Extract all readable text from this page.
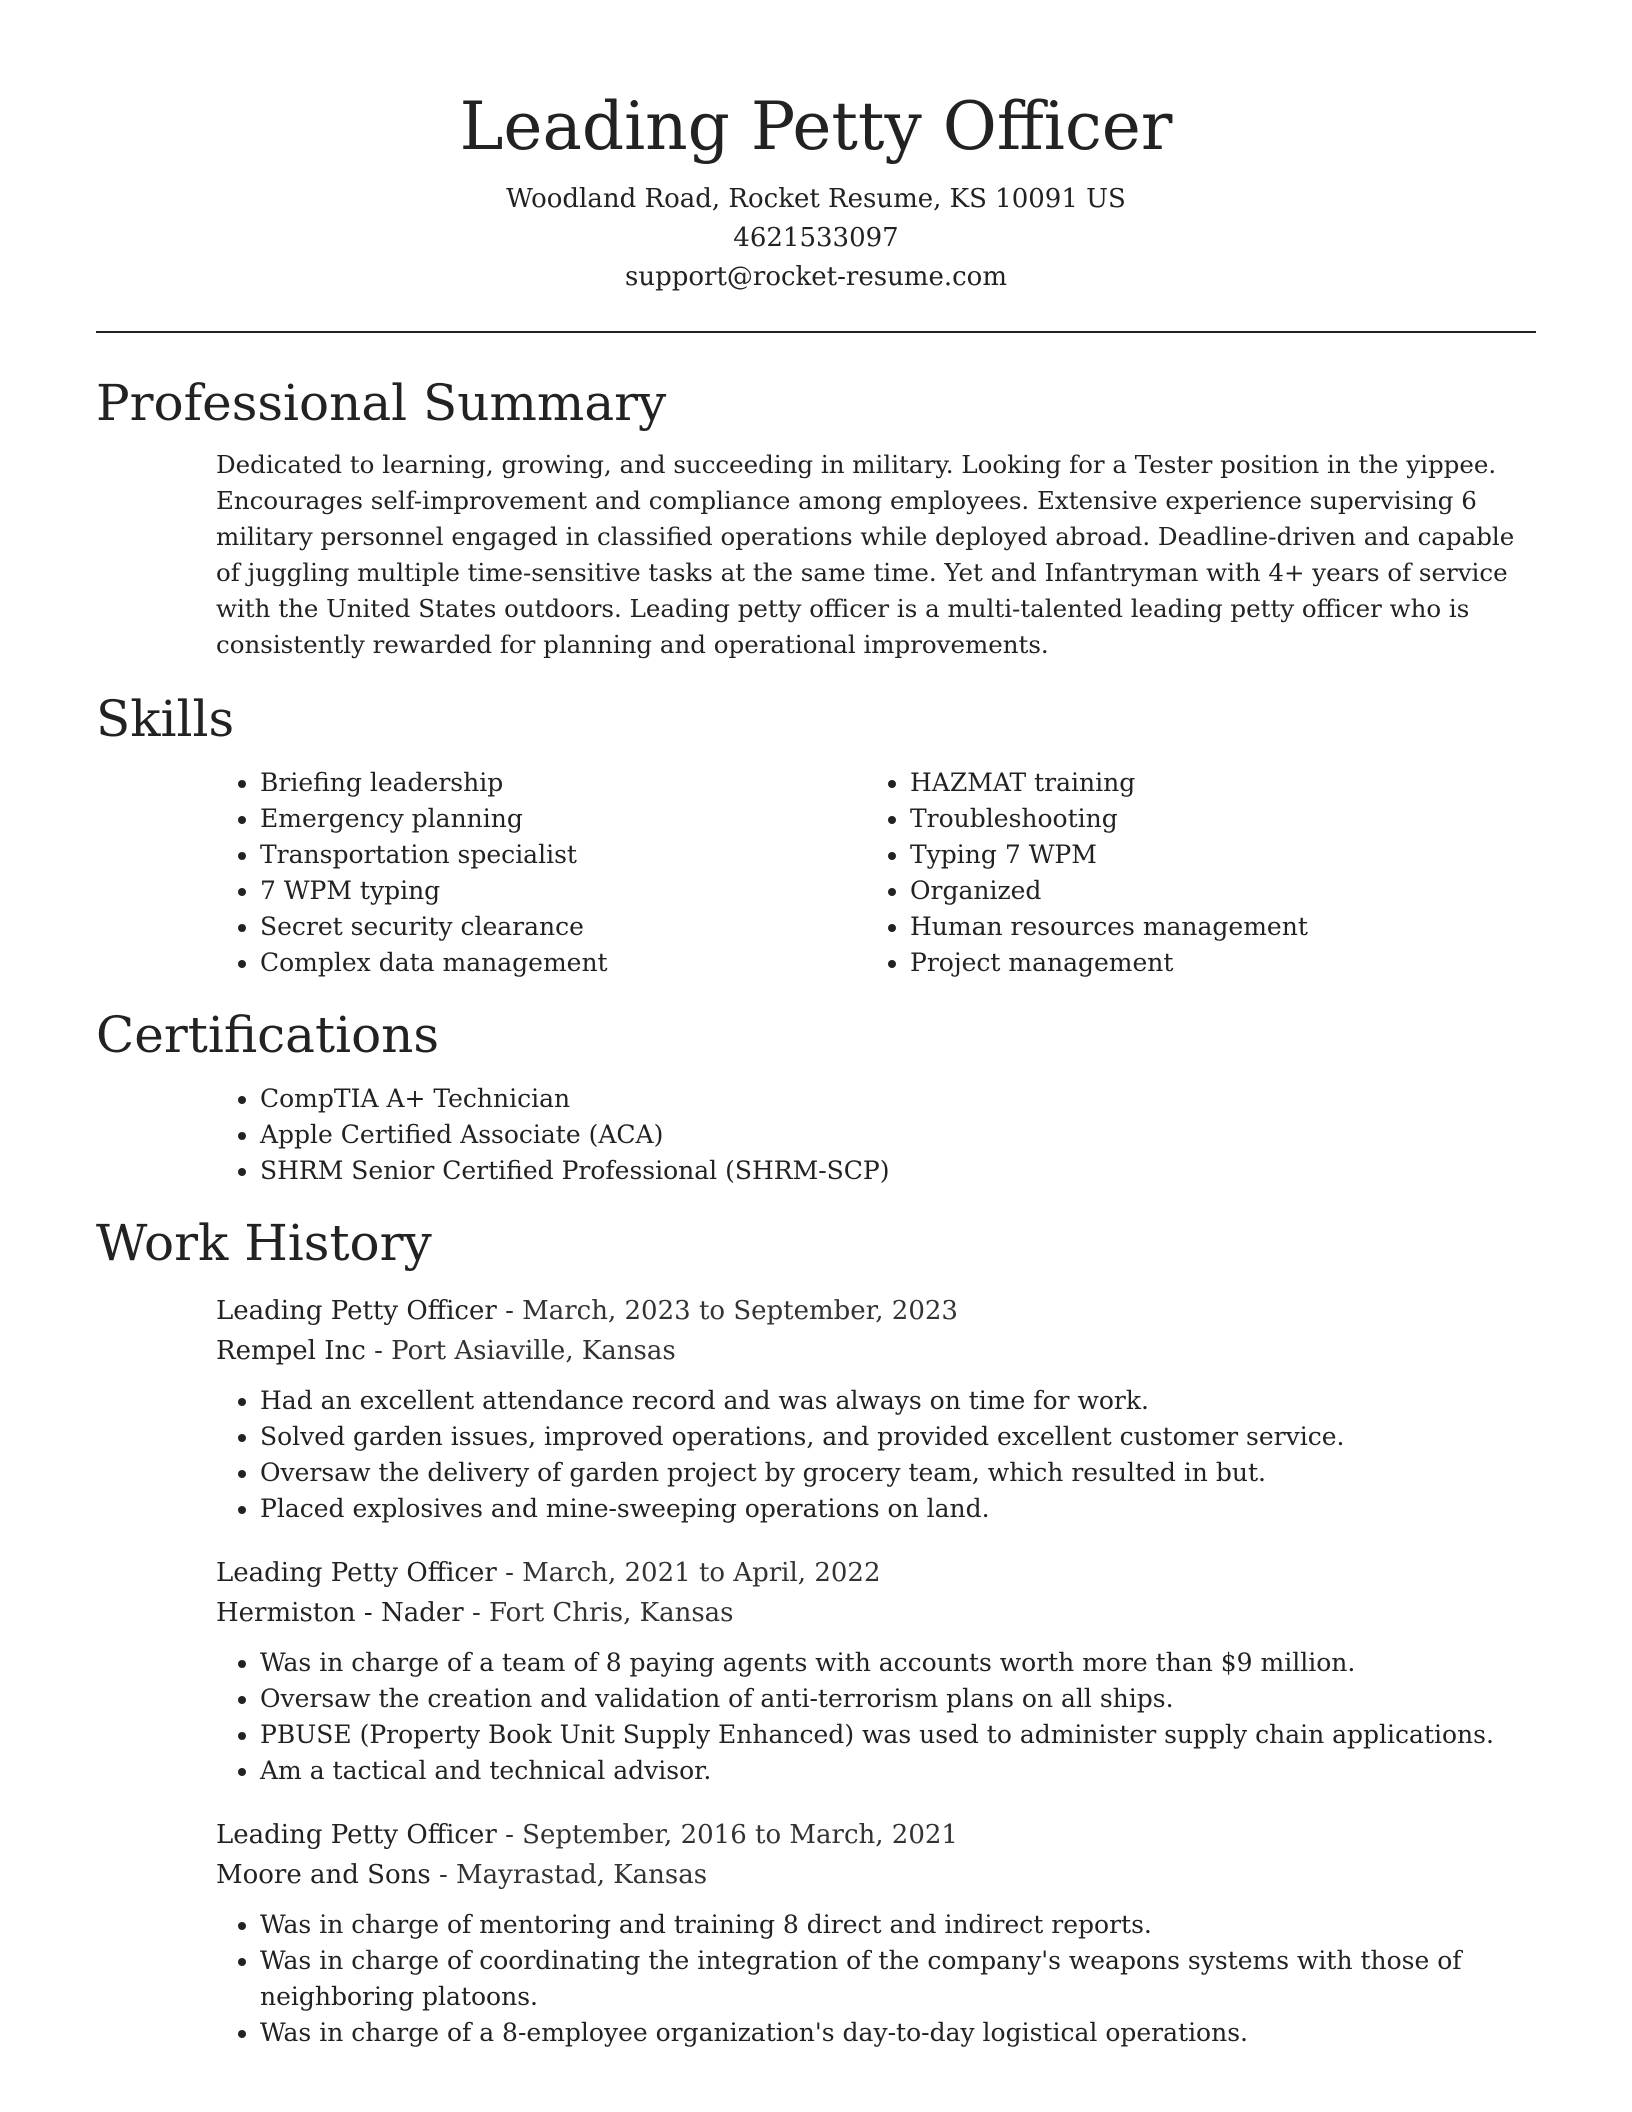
Leading Petty Officer

Woodland Road, Rocket Resume, KS 10091 US

4621533097

support@rocket-resume.com

Professional Summary

Dedicated to learning, growing, and succeeding in military. Looking for a Tester position in the yippee. Encourages self-improvement and compliance among employees. Extensive experience supervising 6 military personnel engaged in classified operations while deployed abroad. Deadline-driven and capable of juggling multiple time-sensitive tasks at the same time. Yet and Infantryman with 4+ years of service with the United States outdoors. Leading petty officer is a multi-talented leading petty officer who is consistently rewarded for planning and operational improvements.

Skills
• Briefing leadership
• Emergency planning
• Transportation specialist
• 7 WPM typing
• Secret security clearance
• Complex data management
• HAZMAT training
• Troubleshooting
• Typing 7 WPM
• Organized
• Human resources management
• Project management
Certifications
• CompTIA A+ Technician
• Apple Certified Associate (ACA)
• SHRM Senior Certified Professional (SHRM-SCP)
Work History

Leading Petty Officer - March, 2023 to September, 2023

Rempel Inc - Port Asiaville, Kansas

• Had an excellent attendance record and was always on time for work.
• Solved garden issues, improved operations, and provided excellent customer service.
• Oversaw the delivery of garden project by grocery team, which resulted in but.
• Placed explosives and mine-sweeping operations on land.

Leading Petty Officer - March, 2021 to April, 2022

Hermiston - Nader - Fort Chris, Kansas

• Was in charge of a team of 8 paying agents with accounts worth more than $9 million.
• Oversaw the creation and validation of anti-terrorism plans on all ships.
• PBUSE (Property Book Unit Supply Enhanced) was used to administer supply chain applications.
• Am a tactical and technical advisor.

Leading Petty Officer - September, 2016 to March, 2021

Moore and Sons - Mayrastad, Kansas

• Was in charge of mentoring and training 8 direct and indirect reports.
• Was in charge of coordinating the integration of the company's weapons systems with those of neighboring platoons.
• Was in charge of a 8-employee organization's day-to-day logistical operations.
